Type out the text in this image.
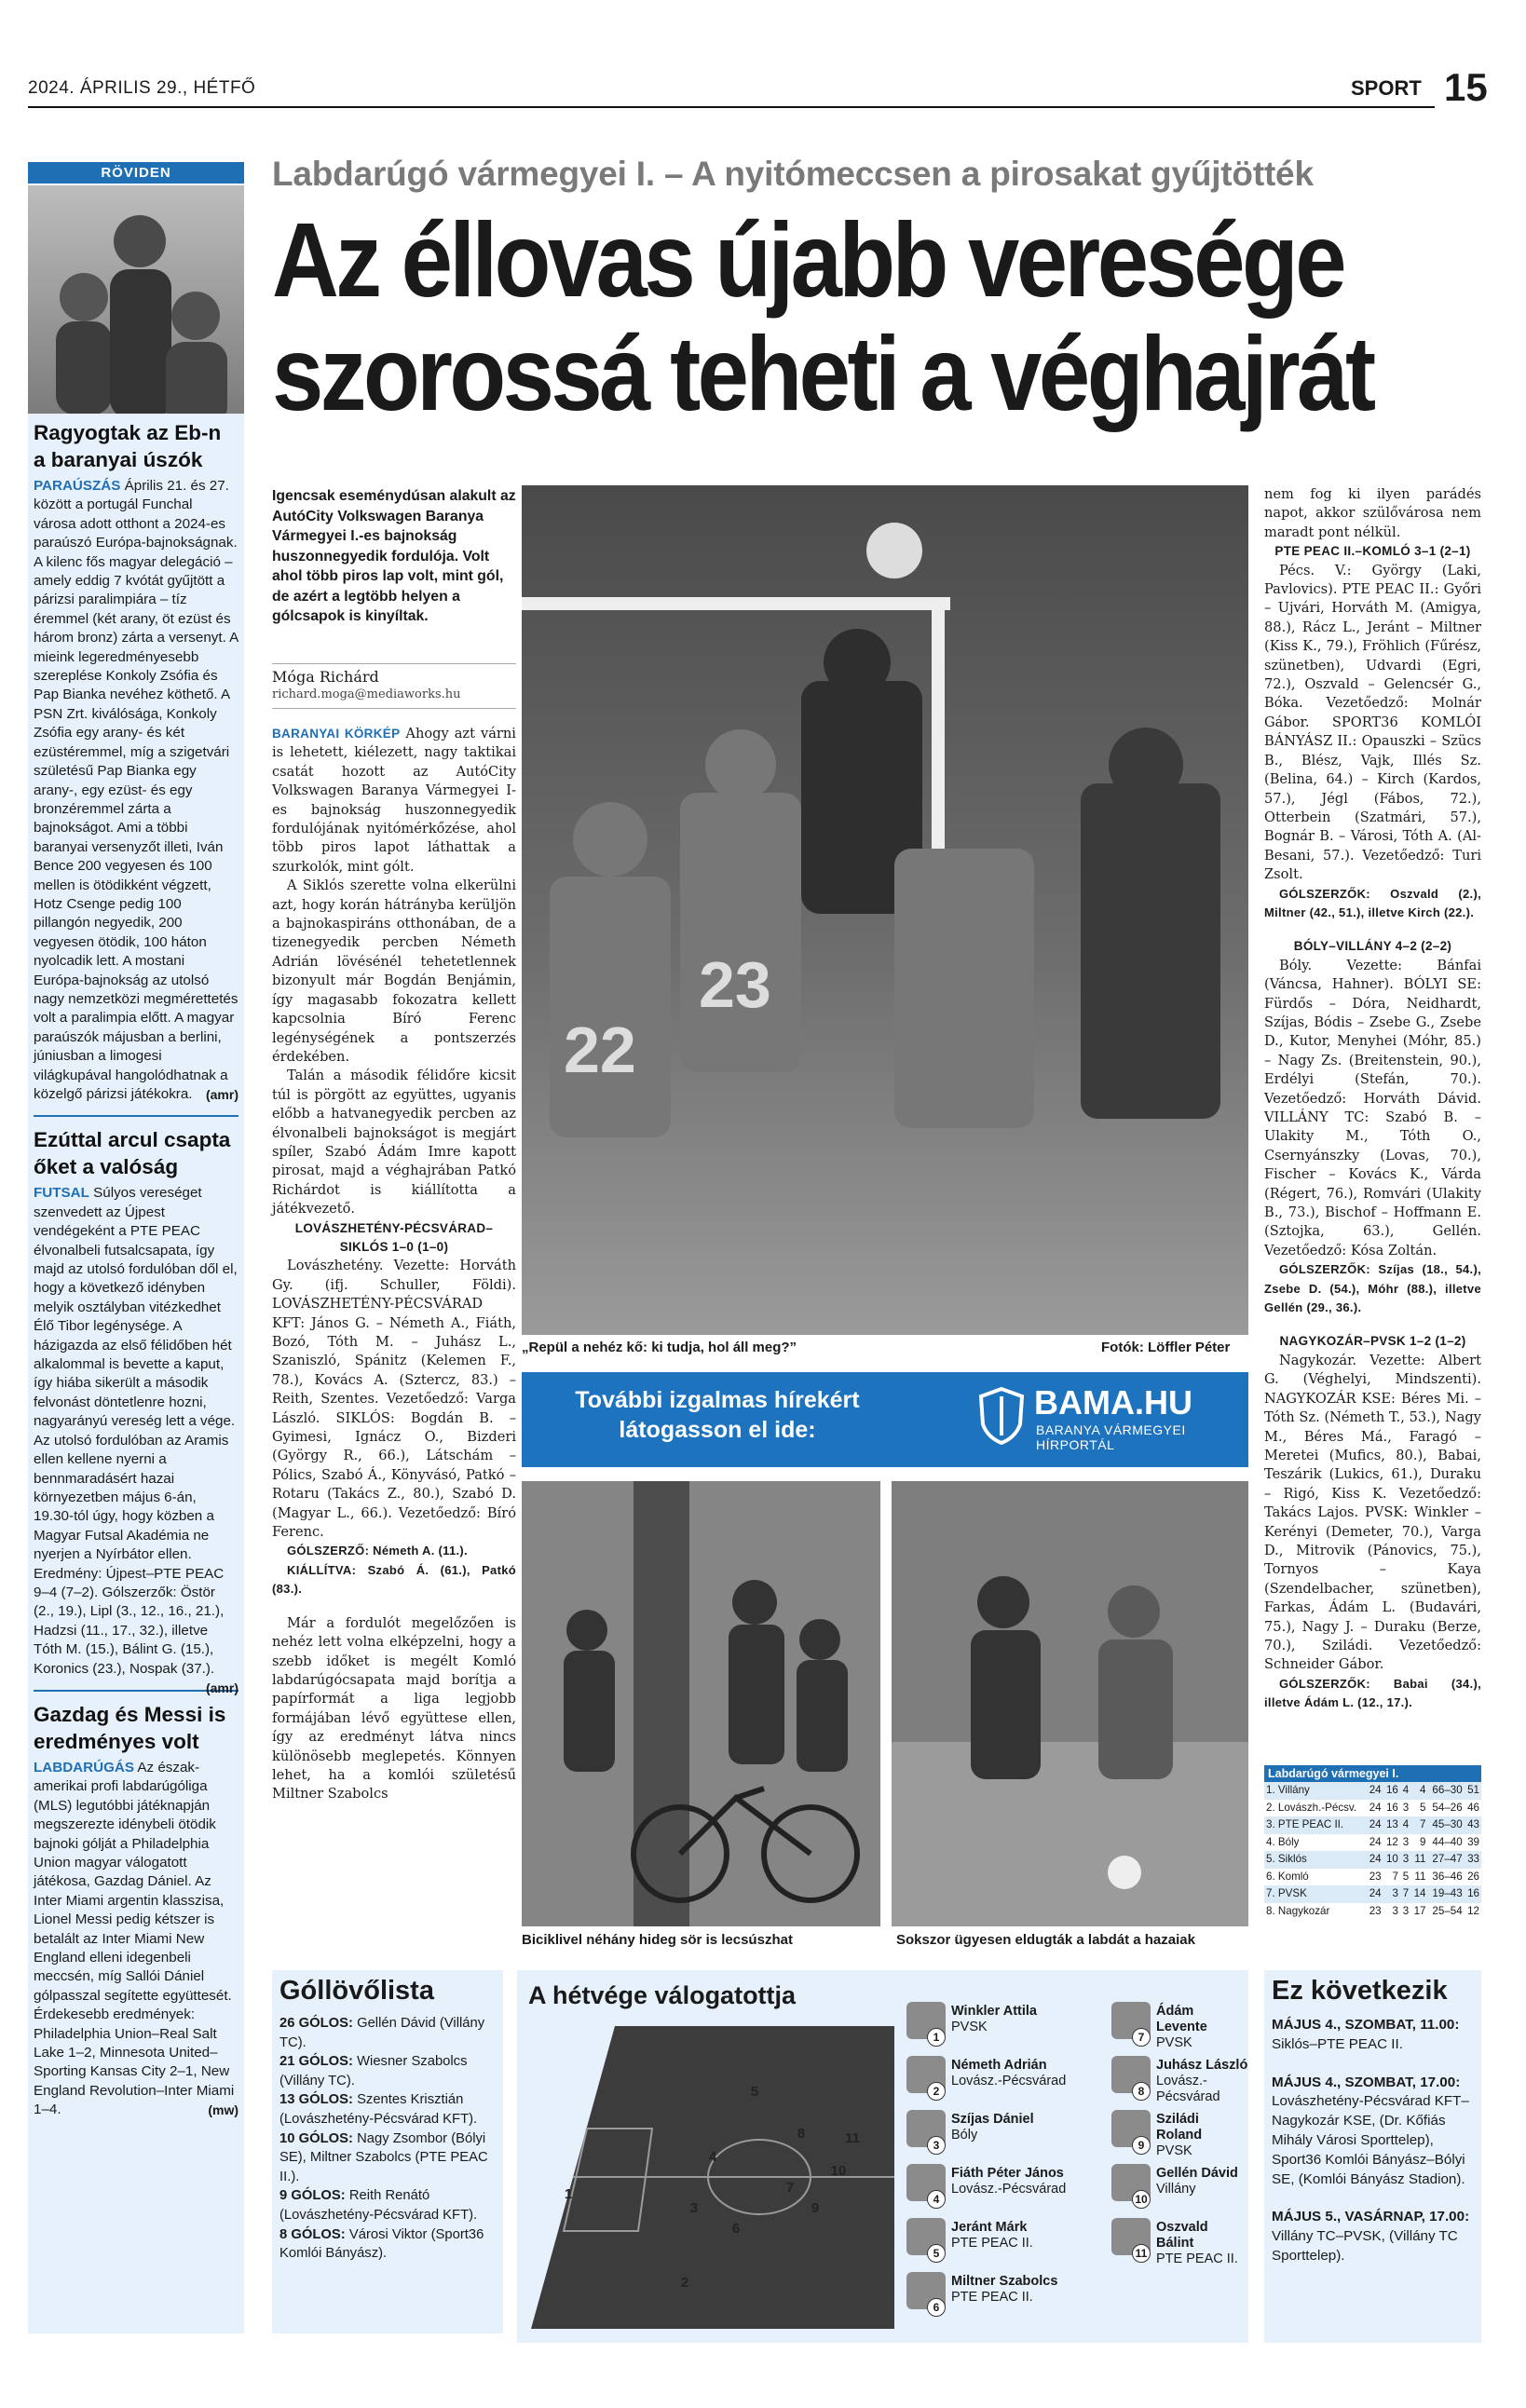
2024. ÁPRILIS 29., HÉTFŐ	SPORT 15
RÖVIDEN
Ragyogtak az Eb-n a baranyai úszók
PARAÚSZÁS Április 21. és 27. között a portugál Funchal városa adott otthont a 2024-es paraúszó Európa-bajnokságnak. A kilenc fős magyar delegáció – amely eddig 7 kvótát gyűjtött a párizsi paralimpiára – tíz éremmel (két arany, öt ezüst és három bronz) zárta a versenyt. A mieink legeredményesebb szereplése Konkoly Zsófia és Pap Bianka nevéhez köthető. A PSN Zrt. kiválósága, Konkoly Zsófia egy arany- és két ezüstéremmel, míg a szigetvári születésű Pap Bianka egy arany-, egy ezüst- és egy bronzéremmel zárta a bajnokságot. Ami a többi baranyai versenyzőt illeti, Iván Bence 200 vegyesen és 100 mellen is ötödikként végzett, Hotz Csenge pedig 100 pillangón negyedik, 200 vegyesen ötödik, 100 háton nyolcadik lett. A mostani Európa-bajnokság az utolsó nagy nemzetközi megmérettetés volt a paralimpia előtt. A magyar paraúszók májusban a berlini, júniusban a limogesi világkupával hangolódhatnak a közelgő párizsi játékokra. (amr)
Ezúttal arcul csapta őket a valóság
FUTSAL Súlyos vereséget szenvedett az Újpest vendégeként a PTE PEAC élvonalbeli futsalcsapata, így majd az utolsó fordulóban dől el, hogy a következő idényben melyik osztályban vitézkedhet Élő Tibor legénysége. A házigazda az első félidőben hét alkalommal is bevette a kaput, így hiába sikerült a második felvonást döntetlenre hozni, nagyarányú vereség lett a vége. Az utolsó fordulóban az Aramis ellen kellene nyerni a bennmaradásért hazai környezetben május 6-án, 19.30-tól úgy, hogy közben a Magyar Futsal Akadémia ne nyerjen a Nyírbátor ellen. Eredmény: Újpest–PTE PEAC 9–4 (7–2). Gólszerzők: Östör (2., 19.), Lipl (3., 12., 16., 21.), Hadzsi (11., 17., 32.), illetve Tóth M. (15.), Bálint G. (15.), Koronics (23.), Nospak (37.).
(amr)
Gazdag és Messi is eredményes volt
LABDARÚGÁS Az észak-amerikai profi labdarúgóliga (MLS) legutóbbi játéknapján megszerezte idénybeli ötödik bajnoki gólját a Philadelphia Union magyar válogatott játékosa, Gazdag Dániel. Az Inter Miami argentin klasszisa, Lionel Messi pedig kétszer is betalált az Inter Miami New England elleni idegenbeli meccsén, míg Sallói Dániel gólpasszal segítette együttesét. Érdekesebb eredmények: Philadelphia Union–Real Salt Lake 1–2, Minnesota United–Sporting Kansas City 2–1, New England Revolution–Inter Miami 1–4.	(mw)
Labdarúgó vármegyei I. – A nyitómeccsen a pirosakat gyűjtötték
Az éllovas újabb veresége
szorossá teheti a véghajrát
Igencsak eseménydúsan alakult az AutóCity Volkswagen Baranya Vármegyei I.-es bajnokság huszonnegyedik fordulója. Volt ahol több piros lap volt, mint gól, de azért a legtöbb helyen a gólcsapok is kinyíltak.
Móga Richárd
richard.moga@mediaworks.hu

BARANYAI KÖRKÉP Ahogy azt várni is lehetett, kiélezett, nagy taktikai csatát hozott az AutóCity Volkswagen Baranya Vármegyei I-es bajnokság huszonnegyedik fordulójának nyitómérkőzése, ahol több piros lapot láthattak a szurkolók, mint gólt.

A Siklós szerette volna elkerülni azt, hogy korán hátrányba kerüljön a bajnokaspiráns otthonában, de a tizenegyedik percben Németh Adrián lövésénél tehetetlennek bizonyult már Bogdán Benjámin, így magasabb fokozatra kellett kapcsolnia Bíró Ferenc legénységének a pontszerzés érdekében.

Talán a második félidőre kicsit túl is pörgött az együttes, ugyanis előbb a hatvanegyedik percben az élvonalbeli bajnokságot is megjárt spíler, Szabó Ádám Imre kapott pirosat, majd a véghajrában Patkó Richárdot is kiállította a játékvezető.

LOVÁSZHETÉNY-PÉCSVÁRAD–SIKLÓS 1–0 (1–0)

Lovászhetény. Vezette: Horváth Gy. (ifj. Schuller, Földi). LOVÁSZHETÉNY-PÉCSVÁRAD KFT: János G. – Németh A., Fiáth, Bozó, Tóth M. – Juhász L., Szaniszló, Spánitz (Kelemen F., 78.), Kovács A. (Sztercz, 83.) – Reith, Szentes. Vezetőedző: Varga László. SIKLÓS: Bogdán B. – Gyimesi, Ignácz O., Bizderi (György R., 66.), Látschám – Pólics, Szabó Á., Könyvásó, Patkó – Rotaru (Takács Z., 80.), Szabó D. (Magyar L., 66.). Vezetőedző: Bíró Ferenc.

GÓLSZERZŐ: Németh A. (11.).

KIÁLLÍTVA: Szabó Á. (61.), Patkó (83.).

Már a fordulót megelőzően is nehéz lett volna elképzelni, hogy a szebb időket is megélt Komló labdarúgócsapata majd borítja a papírformát a liga legjobb formájában lévő együttese ellen, így az eredményt látva nincs különösebb meglepetés. Könnyen lehet, ha a komlói születésű Miltner Szabolcs

22
23
„Repül a nehéz kő: ki tudja, hol áll meg?”	Fotók: Löffler Péter

nem fog ki ilyen parádés napot, akkor szülővárosa nem maradt pont nélkül.

PTE PEAC II.–KOMLÓ 3–1 (2–1)

Pécs. V.: György (Laki, Pavlovics). PTE PEAC II.: Győri – Ujvári, Horváth M. (Amigya, 88.), Rácz L., Jeránt – Miltner (Kiss K., 79.), Fröhlich (Fűrész, szünetben), Udvardi (Egri, 72.), Oszvald – Gelencsér G., Bóka. Vezetőedző: Molnár Gábor. SPORT36 KOMLÓI BÁNYÁSZ II.: Opauszki – Szücs B., Blész, Vajk, Illés Sz. (Belina, 64.) – Kirch (Kardos, 57.), Jégl (Fábos, 72.), Otterbein (Szatmári, 57.), Bognár B. – Városi, Tóth A. (Al-Besani, 57.). Vezetőedző: Turi Zsolt.

GÓLSZERZŐK: Oszvald (2.), Miltner (42., 51.), illetve Kirch (22.).

BÓLY–VILLÁNY 4–2 (2–2)

Bóly. Vezette: Bánfai (Váncsa, Hahner). BÓLYI SE: Fürdős – Dóra, Neidhardt, Szíjas, Bódis – Zsebe G., Zsebe D., Kutor, Menyhei (Móhr, 85.) – Nagy Zs. (Breitenstein, 90.), Erdélyi (Stefán, 70.). Vezetőedző: Horváth Dávid. VILLÁNY TC: Szabó B. – Ulakity M., Tóth O., Csernyánszky (Lovas, 70.), Fischer – Kovács K., Várda (Régert, 76.), Romvári (Ulakity B., 73.), Bischof – Hoffmann E. (Sztojka, 63.), Gellén. Vezetőedző: Kósa Zoltán.

GÓLSZERZŐK: Szíjas (18., 54.), Zsebe D. (54.), Móhr (88.), illetve Gellén (29., 36.).

NAGYKOZÁR–PVSK 1–2 (1–2)

Nagykozár. Vezette: Albert G. (Véghelyi, Mindszenti). NAGYKOZÁR KSE: Béres Mi. – Tóth Sz. (Németh T., 53.), Nagy M., Béres Má., Faragó – Meretei (Mufics, 80.), Babai, Teszárik (Lukics, 61.), Duraku – Rigó, Kiss K. Vezetőedző: Takács Lajos. PVSK: Winkler – Kerényi (Demeter, 70.), Varga D., Mitrovik (Pánovics, 75.), Tornyos – Kaya (Szendelbacher, szünetben), Farkas, Ádám L. (Budavári, 75.), Nagy J. – Duraku (Berze, 70.), Sziládi. Vezetőedző: Schneider Gábor.

GÓLSZERZŐK: Babai (34.), illetve Ádám L. (12., 17.).

További izgalmas hírekért látogasson el ide:
BAMA.HU
BARANYA VÁRMEGYEI
HÍRPORTÁL
Biciklivel néhány hideg sör is lecsúszhat	Sokszor ügyesen eldugták a labdát a hazaiak
Labdarúgó vármegyei I.
1. Villány	24	16	4	4	66–30	51
2. Lovászh.-Pécsv.	24	16	3	5	54–26	46
3. PTE PEAC II.	24	13	4	7	45–30	43
4. Bóly	24	12	3	9	44–40	39
5. Siklós	24	10	3	11	27–47	33
6. Komló	23	7	5	11	36–46	26
7. PVSK	24	3	7	14	19–43	16
8. Nagykozár	23	3	3	17	25–54	12
Góllövőlista
26 GÓLOS: Gellén Dávid (Villány TC).
21 GÓLOS: Wiesner Szabolcs (Villány TC).
13 GÓLOS: Szentes Krisztián (Lovászhetény-Pécsvárad KFT).
10 GÓLOS: Nagy Zsombor (Bólyi SE), Miltner Szabolcs (PTE PEAC II.).
9 GÓLOS: Reith Renátó (Lovászhetény-Pécsvárad KFT).
8 GÓLOS: Városi Viktor (Sport36 Komlói Bányász).
A hétvége válogatottja
1
2
3
4
5
6
7
8
9
10
11
1
Winkler Attila
PVSK
2
Németh Adrián
Lovász.-Pécsvárad
3
Szíjas Dániel
Bóly
4
Fiáth Péter János
Lovász.-Pécsvárad
5
Jeránt Márk
PTE PEAC II.
6
Miltner Szabolcs
PTE PEAC II.
7
Ádám Levente
PVSK
8
Juhász László
Lovász.-Pécsvárad
9
Sziládi Roland
PVSK
10
Gellén Dávid
Villány
11
Oszvald Bálint
PTE PEAC II.
Ez következik
MÁJUS 4., SZOMBAT, 11.00:
Siklós–PTE PEAC II.
MÁJUS 4., SZOMBAT, 17.00:
Lovászhetény-Pécsvárad KFT–Nagykozár KSE, (Dr. Kőfiás Mihály Városi Sporttelep), Sport36 Komlói Bányász–Bólyi SE, (Komlói Bányász Stadion).
MÁJUS 5., VASÁRNAP, 17.00:
Villány TC–PVSK, (Villány TC Sporttelep).
